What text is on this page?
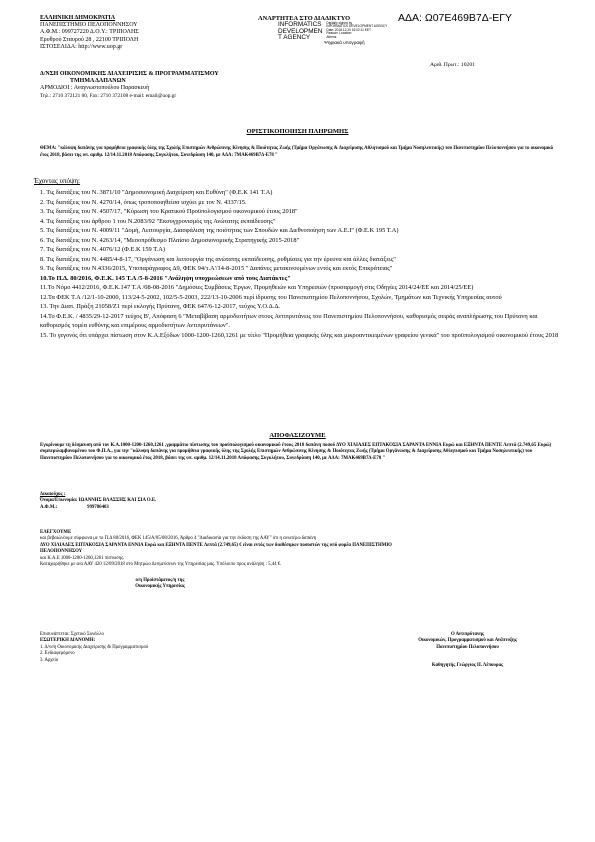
ΕΛΛΗΝΙΚΗ ΔΗΜΟΚΡΑΤΙΑ
ΠΑΝΕΠΙΣΤΗΜΙΟ ΠΕΛΟΠΟΝΝΗΣΟΥ
Α.Φ.Μ.: 099727220 Δ.Ο.Υ.: ΤΡΙΠΟΛΗΣ
Ερυθρού Σταυρού 28 , 22100 ΤΡΙΠΟΛΗ
ΙΣΤΟΣΕΛΙΔΑ: http://www.uop.gr
ΑΝΑΡΤΗΤΕΑ ΣΤΟ ΔΙΑΔΙΚΤΥΟ	ΑΔΑ: Ω07Ε469Β7Δ-ΕΓΥ
INFORMATICS
DEVELOPMEN
T AGENCY
Digitally signed by
INFORMATICS DEVELOPMENT AGENCY
Date: 2018.12.20 15:02:11 EET
Reason: Location:
Athens
Ψηφιακά υπογραφή
Αριθ. Πρωτ.: 10201
Δ/ΝΣΗ ΟΙΚΟΝΟΜΙΚΗΣ ΔΙΑΧΕΙΡΙΣΗΣ & ΠΡΟΓΡΑΜΜΑΤΙΣΜΟΥ
ΤΜΗΜΑ ΔΑΠΑΝΩΝ
ΑΡΜΟΔΙΟΙ : Αναγνωστοπούλου Παρασκευή
Τηλ.: 2710 372121 00, Fax: 2710 372108 e-mail: email@uop.gr
ΟΡΙΣΤΙΚΟΠΟΙΗΣΗ ΠΛΗΡΩΜΗΣ
ΘΕΜΑ: "κάλυψη δαπάνης για προμήθεια γραφικής ύλης της Σχολής Επιστημών Ανθρώπινης Κίνησης & Ποιότητας Ζωής (Τμήμα Οργάνωσης & Διαχείρισης Αθλητισμού και Τμήμα Νοσηλευτικής) του Πανεπιστημίου Πελοποννήσου για το οικονομικό έτος 2018, βάσει της υπ. αριθμ. 12/14.11.2018 Απόφασης Συγκλήτου, Συνεδρίαση 140, με ΑΔΑ: 7ΜΑΚ469Β7Δ-Ε78 "
Έχοντας υπόψη:
1. Τις διατάξεις του Ν. 3871/10 "Δημοσιονομική Διαχείριση και Ευθύνη" (Φ.Ε.Κ 141 Τ.Α)
2. Τις διατάξεις του Ν. 4270/14, όπως τροποποιηθείσα ισχύει με τον Ν. 4337/15.
3. Τις διατάξεις του Ν. 4507/17, "Κύρωση του Κρατικού Προϋπολογισμού οικονομικού έτους 2018"
4. Τις διατάξεις του άρθρου 1 του Ν.2083/92 "Εκσυγχρονισμός της Ανώτατης εκπαίδευσης"
5. Τις διατάξεις του Ν. 4009/11 "Δομή, Λειτουργία, Διασφάλιση της ποιότητας των Σπουδών και Διεθνοποίηση των Α.Ε.Ι" (Φ.Ε.Κ 195 Τ.Α)
6. Τις διατάξεις του Ν. 4263/14, "Μεσοπρόθεσμο Πλαίσιο Δημοσιονομικής Στρατηγικής 2015-2018"
7. Τις διατάξεις του Ν. 4076/12 (Φ.Ε.Κ 159 Τ.Α)
8. Τις διατάξεις του Ν. 4485/4-8-17, "Οργάνωση και λειτουργία της ανώτατης εκπαίδευσης, ρυθμίσεις για την έρευνα και άλλες διατάξεις"
9. Τις διατάξεις του Ν.4336/2015, Υποπαράγραφος Δ9, ΦΕΚ 94/τ.Α'/14-8-2015 " Δαπάνες μετακινουμένων εντός και εκτός Επικράτειας"
10.Το Π.Δ. 80/2016, Φ.Ε.Κ. 145 Τ.Α /5-8-2016 "Ανάληψη υποχρεώσεων από τους Διατάκτες"
11.Το Νόμο 4412/2016, Φ.Ε.Κ.147 Τ.Α /08-08-2016 "Δημόσιες Συμβάσεις Έργων, Προμηθειών και Υπηρεσιών (προσαρμογή στις Οδηγίες 2014/24/ΕΕ και 2014/25/ΕΕ)
12.Τα ΦΕΚ Τ.Α /12/1-10-2000, 113/24-5-2002, 102/5-5-2003, 222/13-10-2006 περί ίδρυσης του Πανεπιστημίου Πελοποννήσου, Σχολών, Τμημάτων και Τεχνικής Υπηρεσίας αυτού
13. Την Διαπ. Πράξη 21058/Ζ1 περί εκλογής Πρύτανη, ΦΕΚ 647/6-12-2017, τεύχος Υ.Ο.Δ.Δ.
14.Το Φ.Ε.Κ. / 4835/29-12-2017 τεύχος Β', Απόφαση 6 "Μεταβίβαση αρμοδιοτήτων στους Αντιπρυτάνεις του Πανεπιστημίου Πελοποννήσου, καθορισμός σειράς αναπλήρωσης του Πρύτανη και καθορισμός τομέα ευθύνης και επιμέρους αρμοδιοτήτων Αντιπρυτάνεων".
15. Το γεγονός ότι υπάρχει πίστωση στον Κ.Α.Εξόδων 1000-1200-1260,1261 με τίτλο "Προμήθεια γραφικής ύλης και μικροαντικειμένων γραφείου γενικά" του προϋπολογισμού οικονομικού έτους 2018
ΑΠΟΦΑΣΙΖΟΥΜΕ
Εγκρίνουμε τη δέσμευση από τον Κ.Α.1000-1200-1260,1261 ,γραμμάτιο πίστωσης του προϋπολογισμού οικονομικού έτους 2018 δαπάνη ποσού ΔΥΟ ΧΙΛΙΑΔΕΣ ΕΠΤΑΚΟΣΙΑ ΣΑΡΑΝΤΑ ΕΝΝΙΑ Ευρώ και ΕΞΗΝΤΑ ΠΕΝΤΕ Λεπτά (2.749,65 Ευρώ) συμπεριλαμβανομένου του Φ.Π.Α., για την "κάλυψη δαπάνης για προμήθεια γραφικής ύλης της Σχολής Επιστημών Ανθρώπινης Κίνησης & Ποιότητας Ζωής (Τμήμα Οργάνωσης & Διαχείρισης Αθλητισμού και Τμήμα Νοσηλευτικής) του Πανεπιστημίου Πελοποννήσου για το οικονομικό έτος 2018, βάσει της υπ. αριθμ. 12/14.11.2018 Απόφασης Συγκλήτου, Συνεδρίαση 140, με ΑΔΑ: 7ΜΑΚ469Β7Δ-Ε78 "
Δικαιούχος :
Όνομα/Επωνυμία: ΙΩΑΝΝΗΣ ΒΛΑΣΣΗΣ ΚΑΙ ΣΙΑ Ο.Ε.
Α.Φ.Μ.:	999786403
ΕΛΕΓΧΟΥΜΕ
και βεβαιώνουμε σύμφωνα με το Π.Δ 80/2016, ΦΕΚ 145/Α/05/08/2016, Άρθρο 4 "Διαδικασία για την έκδοση της ΑΑΥ" ότι η ανωτέρω δαπάνη
ΔΥΟ ΧΙΛΙΑΔΕΣ ΕΠΤΑΚΟΣΙΑ ΣΑΡΑΝΤΑ ΕΝΝΙΑ Ευρώ και ΕΞΗΝΤΑ ΠΕΝΤΕ Λεπτά (2.749,65) € είναι εντός των διαθέσιμων ποσοστών της υπό φορέα ΠΑΝΕΠΙΣΤΗΜΙΟ
ΠΕΛΟΠΟΝΝΗΣΟΥ
και Κ.Α.Ε 1000-1200-1260,1261 πίστωσης.
Καταχωρήθηκε με α/α ΑΑΥ 420 12/09/2018 στο Μητρώο Δεσμεύσεων της Υπηρεσίας μας. Υπόλοιπο προς ανάληψη : 5,44 €.
ο/η Προϊστάμενος/η της
Οικονομικής Υπηρεσίας
Επισυνάπτεται: Σχετικό Συνάλλο
ΕΣΩΤΕΡΙΚΗ ΔΙΑΝΟΜΗ:
1. Δ/νση Οικονομικής Διαχείρισης & Προγραμματισμού
2. Ενδιαφερόμενο
3. Αρχείο
Ο Αντιπρύτανης
Οικονομικών, Προγραμματισμού και Ανάπτυξης
Πανεπιστημίου Πελοποννήσου
Καθηγητής Γεώργιος Π. Λέπουρας
